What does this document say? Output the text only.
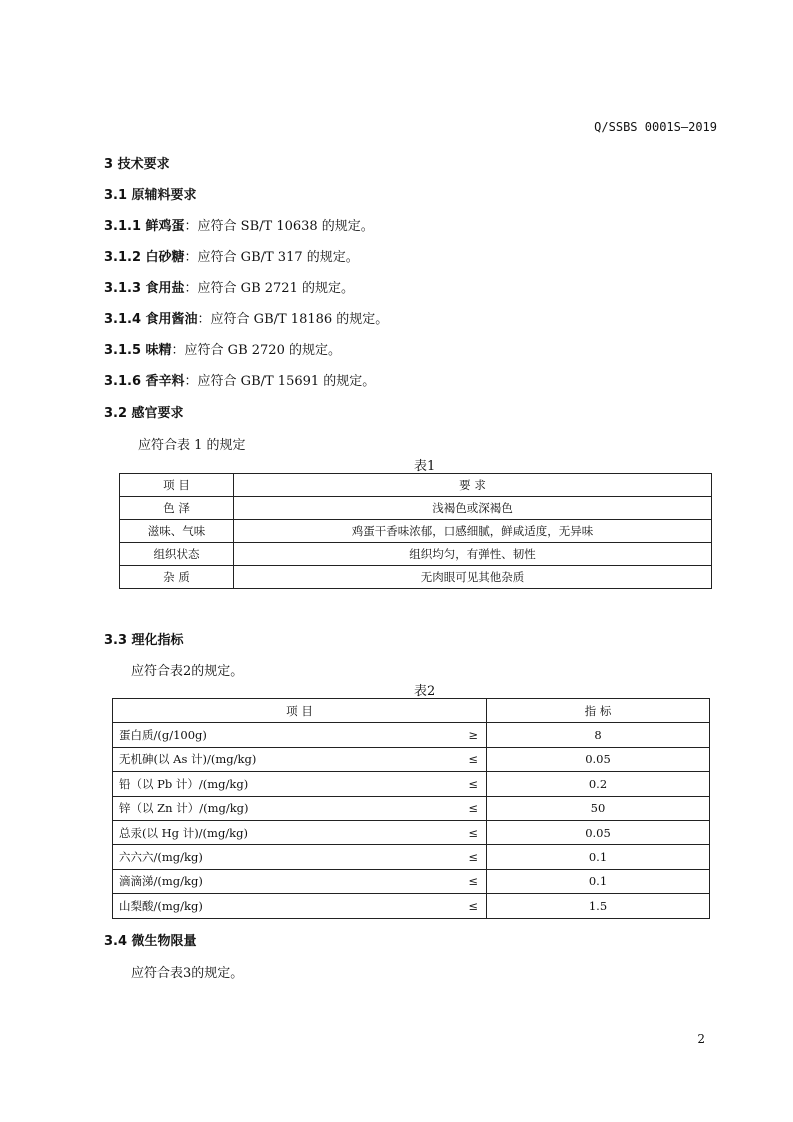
Q/SSBS 0001S—2019
3 技术要求
3.1 原辅料要求
3.1.1 鲜鸡蛋：应符合 SB/T 10638 的规定。
3.1.2 白砂糖：应符合 GB/T 317 的规定。
3.1.3 食用盐：应符合 GB 2721 的规定。
3.1.4 食用酱油：应符合 GB/T 18186 的规定。
3.1.5 味精：应符合 GB 2720 的规定。
3.1.6 香辛料：应符合 GB/T 15691 的规定。
3.2 感官要求
应符合表 1 的规定
表1
项 目	要 求
色 泽	浅褐色或深褐色
滋味、气味	鸡蛋干香味浓郁，口感细腻，鲜咸适度，无异味
组织状态	组织均匀，有弹性、韧性
杂 质	无肉眼可见其他杂质
3.3 理化指标
应符合表2的规定。
表2
项 目	指 标
蛋白质/(g/100g) ≥	8
无机砷(以 As 计)/(mg/kg) ≤	0.05
铅（以 Pb 计）/(mg/kg) ≤	0.2
锌（以 Zn 计）/(mg/kg) ≤	50
总汞(以 Hg 计)/(mg/kg) ≤	0.05
六六六/(mg/kg) ≤	0.1
滴滴涕/(mg/kg) ≤	0.1
山梨酸/(mg/kg) ≤	1.5
3.4 微生物限量
应符合表3的规定。
2
